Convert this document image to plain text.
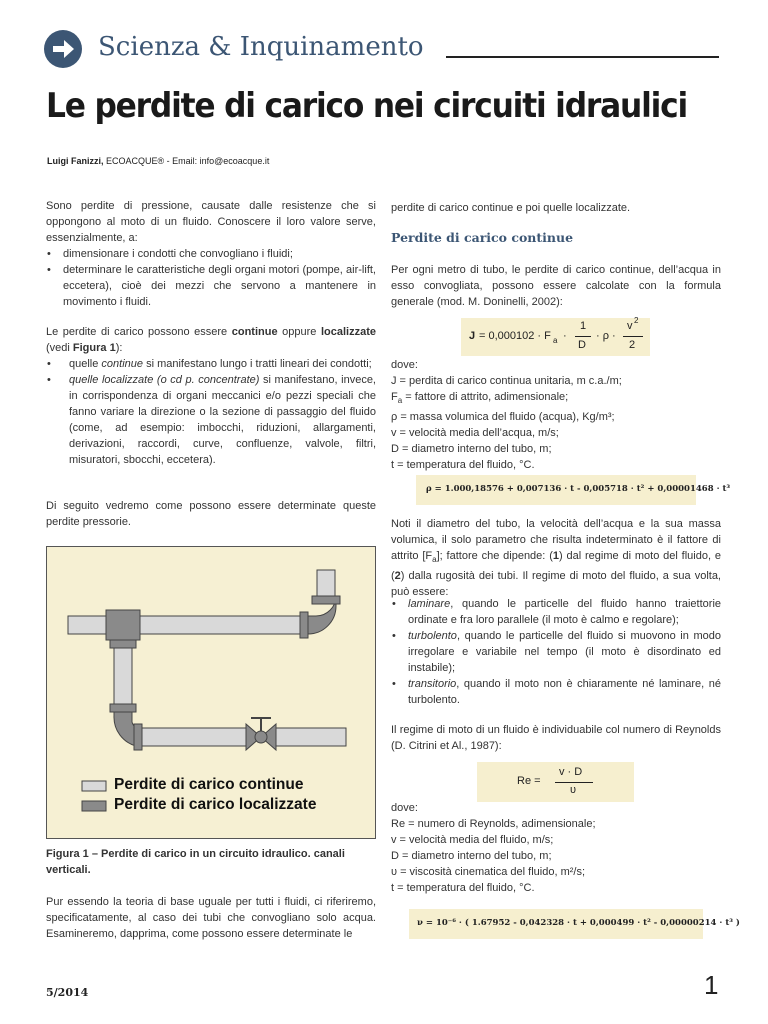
Scienza & Inquinamento
Le perdite di carico nei circuiti idraulici
Luigi Fanizzi, ECOACQUE® - Email: info@ecoacque.it
Sono perdite di pressione, causate dalle resistenze che si oppongono al moto di un fluido. Conoscere il loro valore serve, essenzialmente, a:
• dimensionare i condotti che convogliano i fluidi;
• determinare le caratteristiche degli organi motori (pompe, air-lift, eccetera), cioè dei mezzi che servono a mantenere in movimento i fluidi.
Le perdite di carico possono essere continue oppure localizzate (vedi Figura 1):
• quelle continue si manifestano lungo i tratti lineari dei condotti;
• quelle localizzate (o cd p. concentrate) si manifestano, invece, in corrispondenza di organi meccanici e/o pezzi speciali che fanno variare la direzione o la sezione di passaggio del fluido (come, ad esempio: imbocchi, riduzioni, allargamenti, derivazioni, raccordi, curve, confluenze, valvole, filtri, misuratori, sbocchi, eccetera).
Di seguito vedremo come possono essere determinate queste perdite pressorie.
Perdite di carico continue
Perdite di carico localizzate
Figura 1 – Perdite di carico in un circuito idraulico. canali verticali.
Pur essendo la teoria di base uguale per tutti i fluidi, ci riferiremo, specificatamente, al caso dei tubi che convogliano solo acqua. Esamineremo, dapprima, come possono essere determinate le
perdite di carico continue e poi quelle localizzate.
Perdite di carico continue
Per ogni metro di tubo, le perdite di carico continue, dell’acqua in esso convogliata, possono essere calcolate con la formula generale (mod. M. Doninelli, 2002):
J = 0,000102 · F a ·
1
D
· ρ ·
v 2
2
dove:
J = perdita di carico continua unitaria, m c.a./m;
$F_a$ = fattore di attrito, adimensionale;
ρ = massa volumica del fluido (acqua), Kg/m³;
v = velocità media dell’acqua, m/s;
D = diametro interno del tubo, m;
t = temperatura del fluido, °C.
ρ = 1.000,18576 + 0,007136 · t - 0,005718 · t² + 0,00001468 · t³
Noti il diametro del tubo, la velocità dell’acqua e la sua massa volumica, il solo parametro che risulta indeterminato è il fattore di attrito $[F_a]$; fattore che dipende: (1) dal regime di moto del fluido, e (2) dalla rugosità dei tubi. Il regime di moto del fluido, a sua volta, può essere:
• laminare, quando le particelle del fluido hanno traiettorie ordinate e fra loro parallele (il moto è calmo e regolare);
• turbolento, quando le particelle del fluido si muovono in modo irregolare e variabile nel tempo (il moto è disordinato ed instabile);
• transitorio, quando il moto non è chiaramente né laminare, né turbolento.
Il regime di moto di un fluido è individuabile col numero di Reynolds (D. Citrini et Al., 1987):
Re =
v · D
υ
dove:
Re = numero di Reynolds, adimensionale;
v = velocità media del fluido, m/s;
D = diametro interno del tubo, m;
υ = viscosità cinematica del fluido, m²/s;
t = temperatura del fluido, °C.
ν = 10⁻⁶ · ( 1.67952 - 0,042328 · t + 0,000499 · t² - 0,00000214 · t³ )
5/2014	1
